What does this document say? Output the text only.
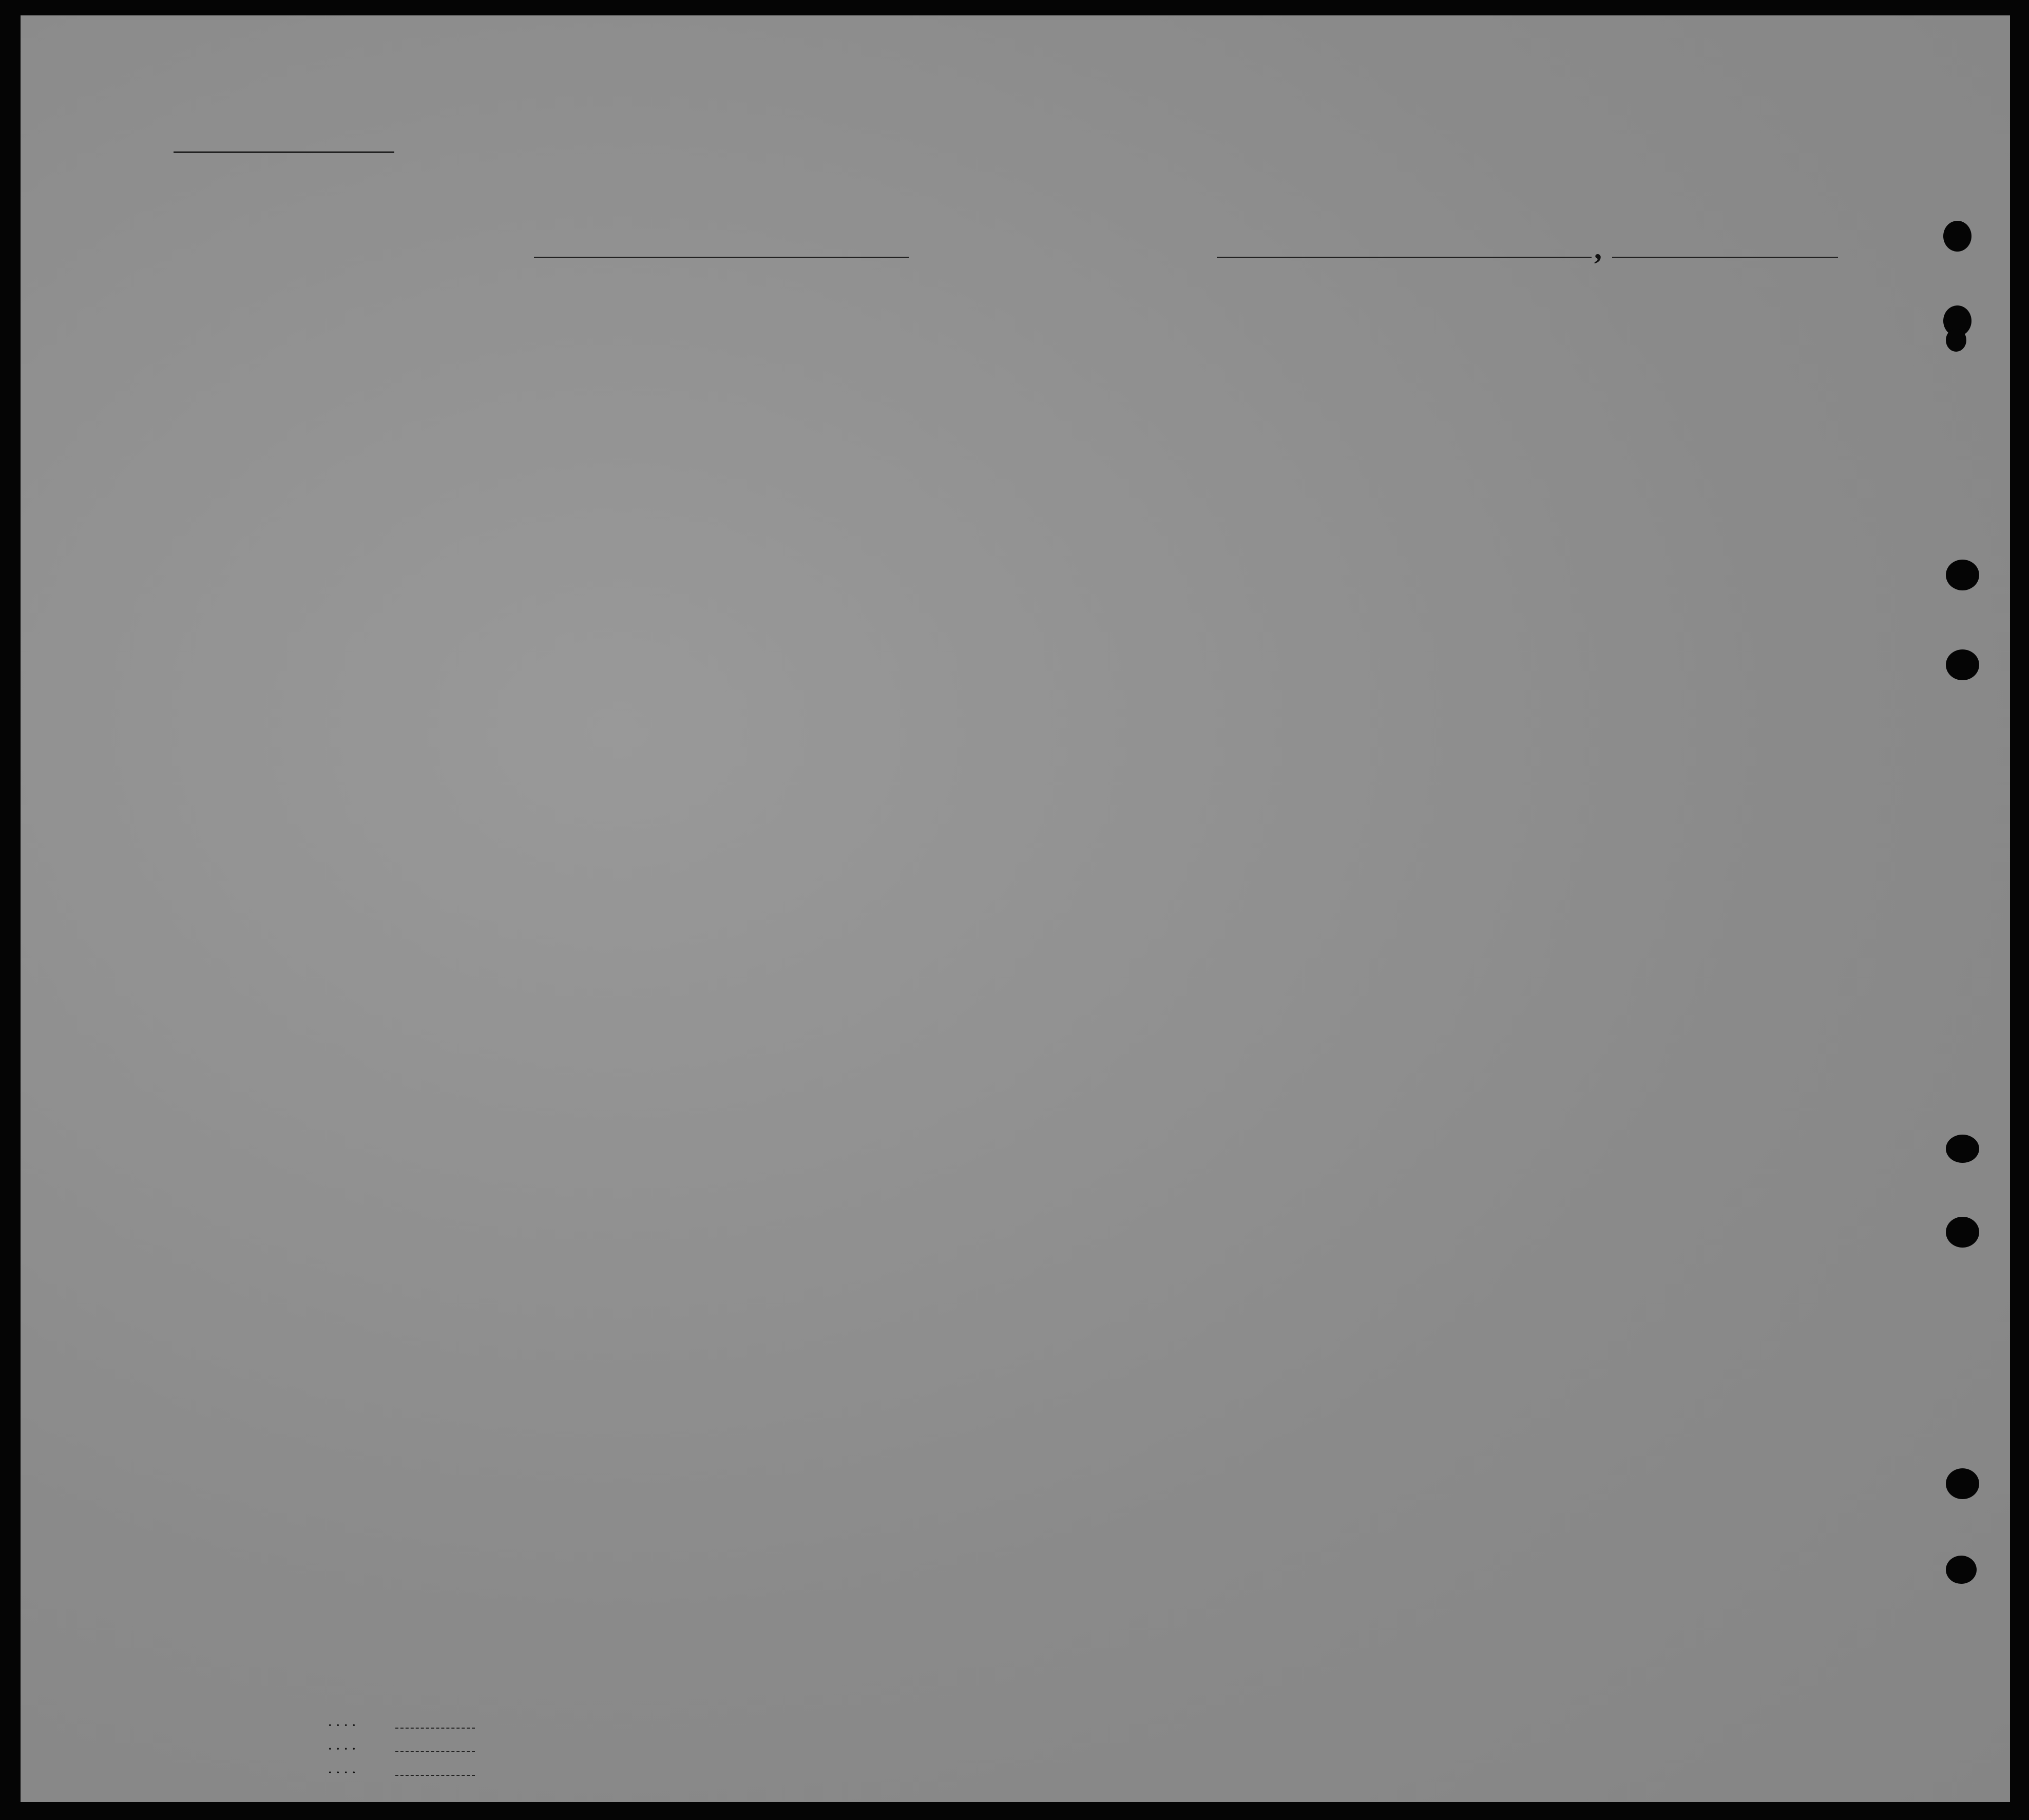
,
....
....
....
